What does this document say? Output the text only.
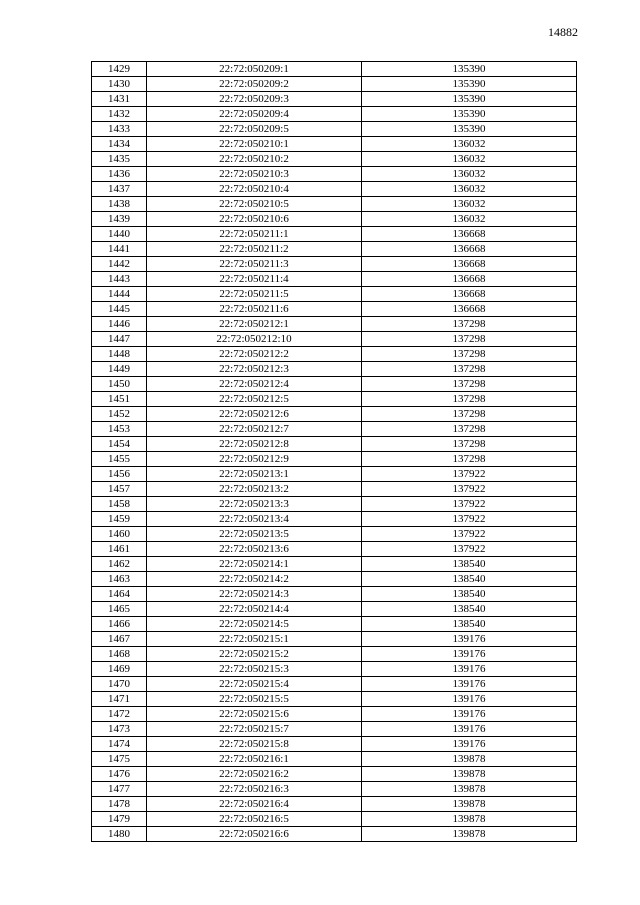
14882
1429	22:72:050209:1	135390
1430	22:72:050209:2	135390
1431	22:72:050209:3	135390
1432	22:72:050209:4	135390
1433	22:72:050209:5	135390
1434	22:72:050210:1	136032
1435	22:72:050210:2	136032
1436	22:72:050210:3	136032
1437	22:72:050210:4	136032
1438	22:72:050210:5	136032
1439	22:72:050210:6	136032
1440	22:72:050211:1	136668
1441	22:72:050211:2	136668
1442	22:72:050211:3	136668
1443	22:72:050211:4	136668
1444	22:72:050211:5	136668
1445	22:72:050211:6	136668
1446	22:72:050212:1	137298
1447	22:72:050212:10	137298
1448	22:72:050212:2	137298
1449	22:72:050212:3	137298
1450	22:72:050212:4	137298
1451	22:72:050212:5	137298
1452	22:72:050212:6	137298
1453	22:72:050212:7	137298
1454	22:72:050212:8	137298
1455	22:72:050212:9	137298
1456	22:72:050213:1	137922
1457	22:72:050213:2	137922
1458	22:72:050213:3	137922
1459	22:72:050213:4	137922
1460	22:72:050213:5	137922
1461	22:72:050213:6	137922
1462	22:72:050214:1	138540
1463	22:72:050214:2	138540
1464	22:72:050214:3	138540
1465	22:72:050214:4	138540
1466	22:72:050214:5	138540
1467	22:72:050215:1	139176
1468	22:72:050215:2	139176
1469	22:72:050215:3	139176
1470	22:72:050215:4	139176
1471	22:72:050215:5	139176
1472	22:72:050215:6	139176
1473	22:72:050215:7	139176
1474	22:72:050215:8	139176
1475	22:72:050216:1	139878
1476	22:72:050216:2	139878
1477	22:72:050216:3	139878
1478	22:72:050216:4	139878
1479	22:72:050216:5	139878
1480	22:72:050216:6	139878
